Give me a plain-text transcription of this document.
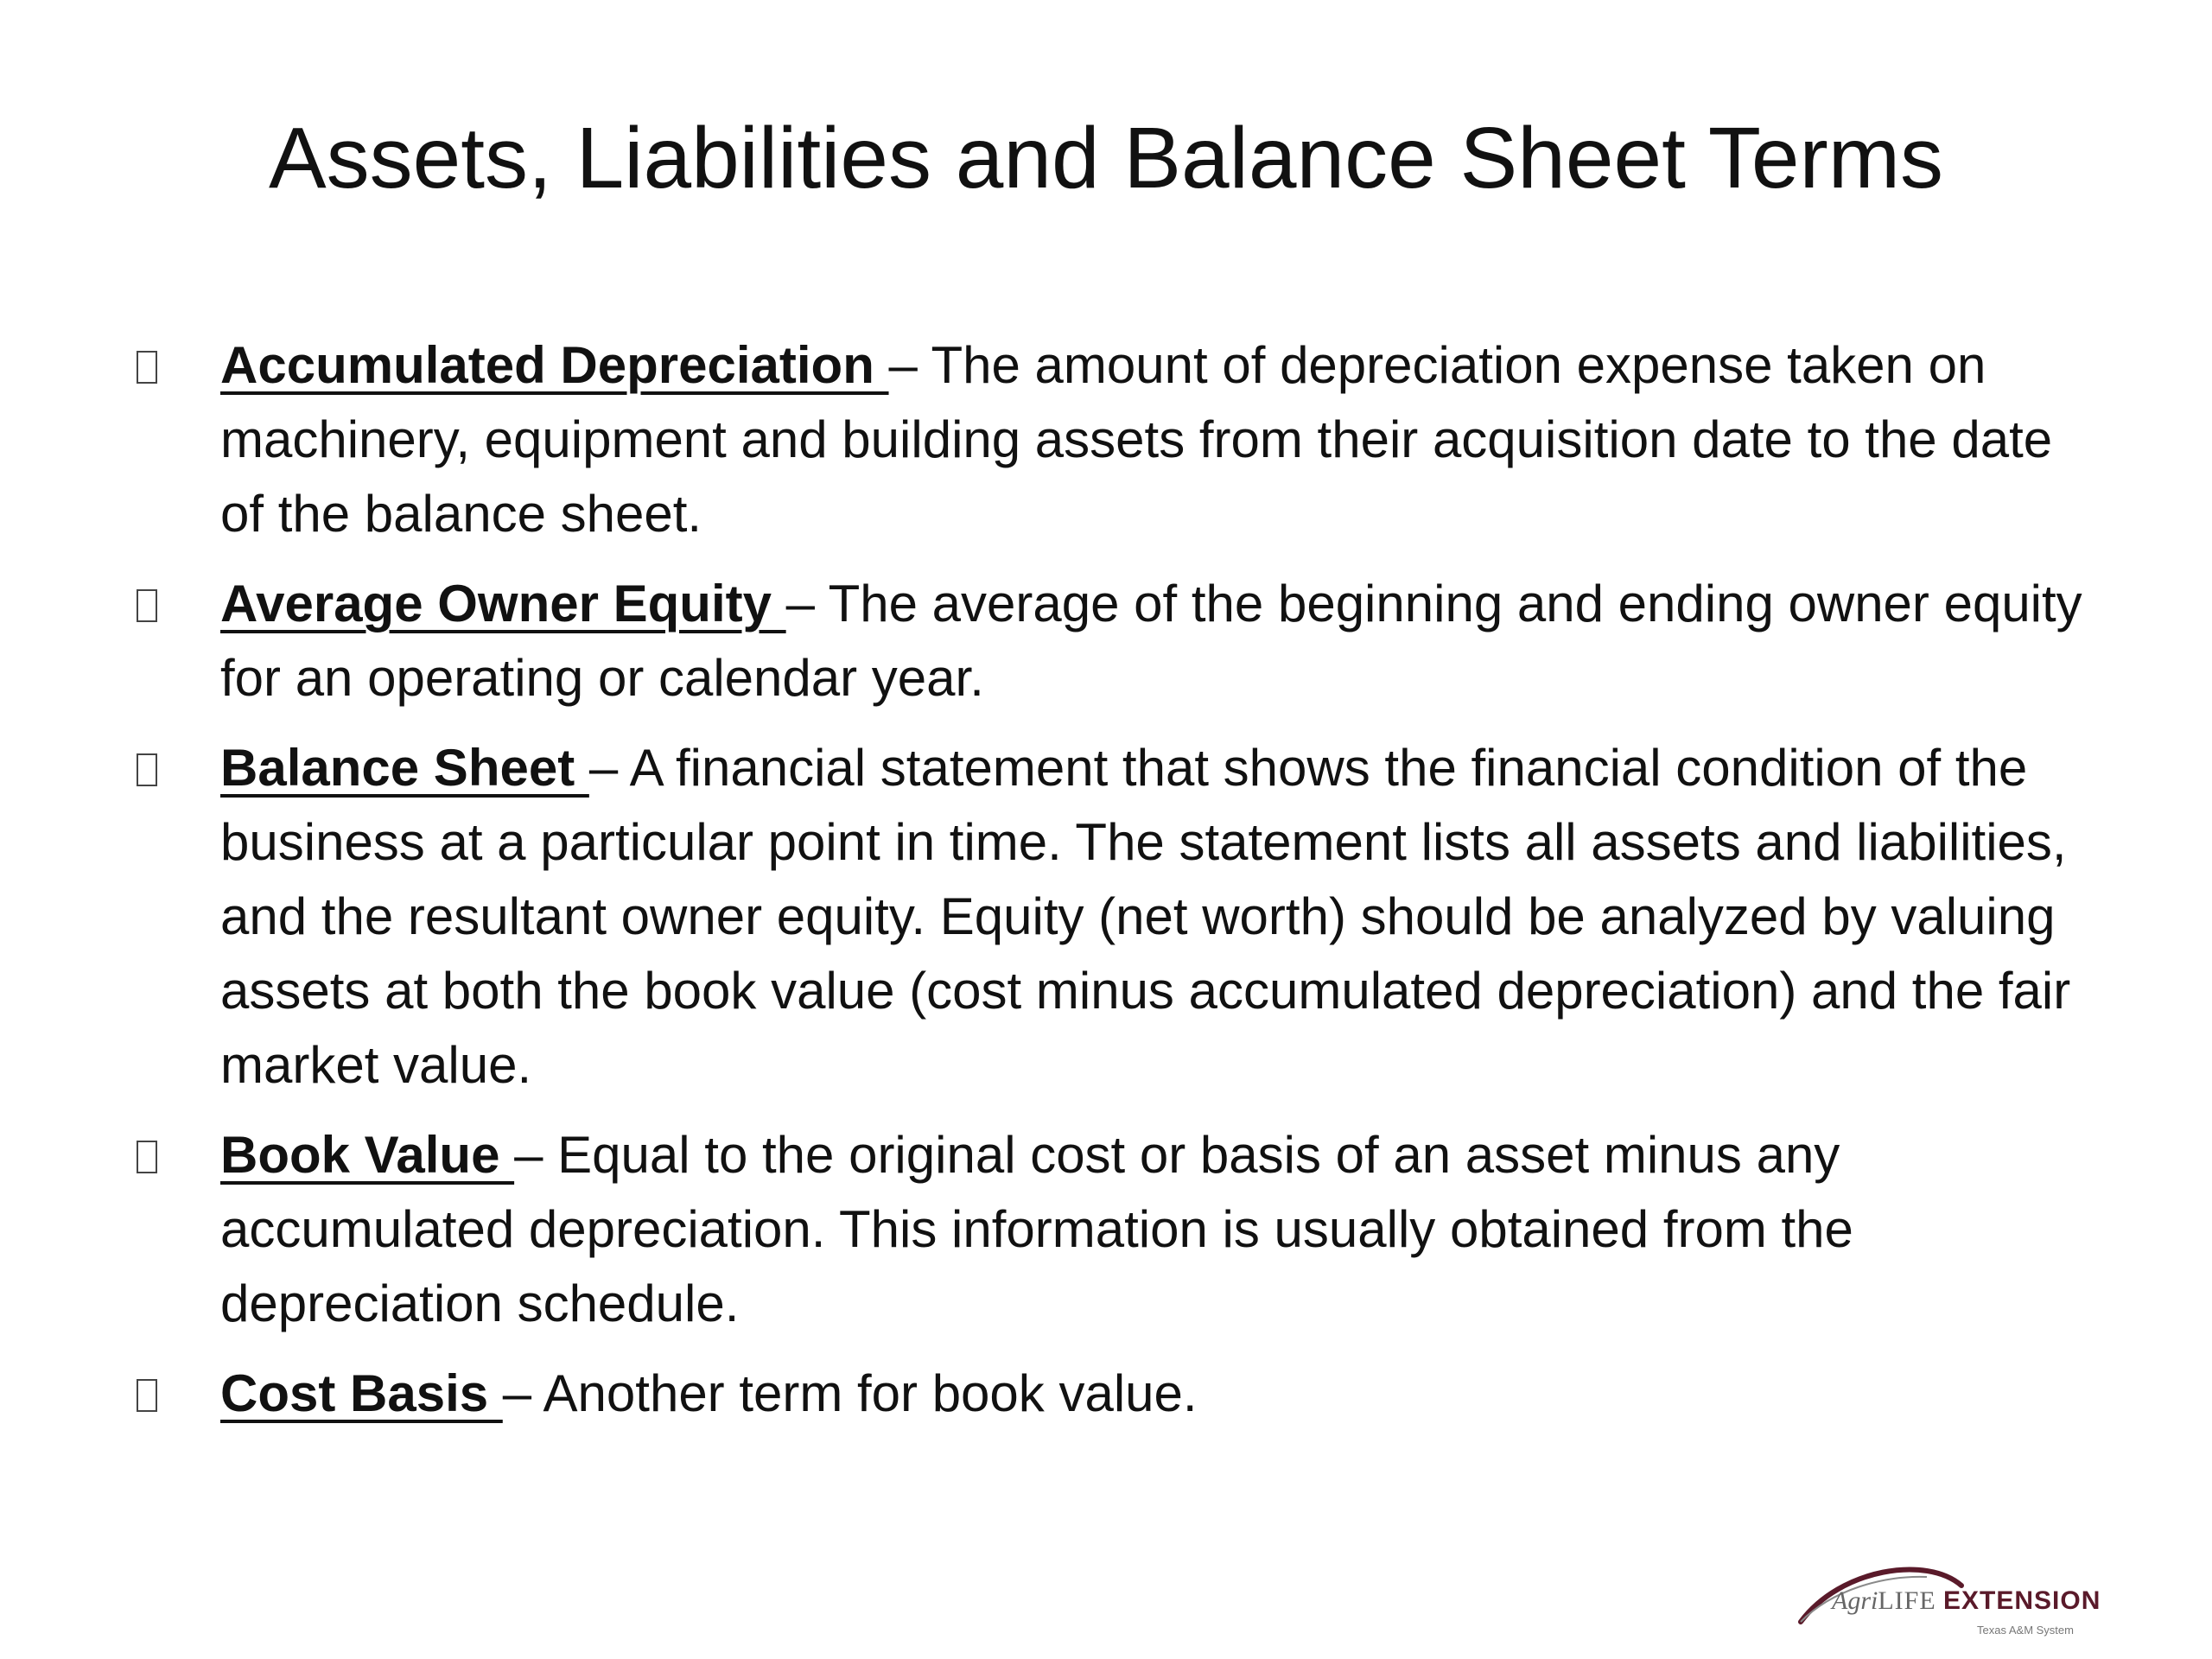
Assets, Liabilities and Balance Sheet Terms
Accumulated Depreciation – The amount of depreciation expense taken on machinery, equipment and building assets from their acquisition date to the date of the balance sheet.
Average Owner Equity – The average of the beginning and ending owner equity for an operating or calendar year.
Balance Sheet – A financial statement that shows the financial condition of the business at a particular point in time. The statement lists all assets and liabilities, and the resultant owner equity. Equity (net worth) should be analyzed by valuing assets at both the book value (cost minus accumulated depreciation) and the fair market value.
Book Value – Equal to the original cost or basis of an asset minus any accumulated depreciation. This information is usually obtained from the depreciation schedule.
Cost Basis – Another term for book value.
AgriLIFE EXTENSION
Texas A&M System
